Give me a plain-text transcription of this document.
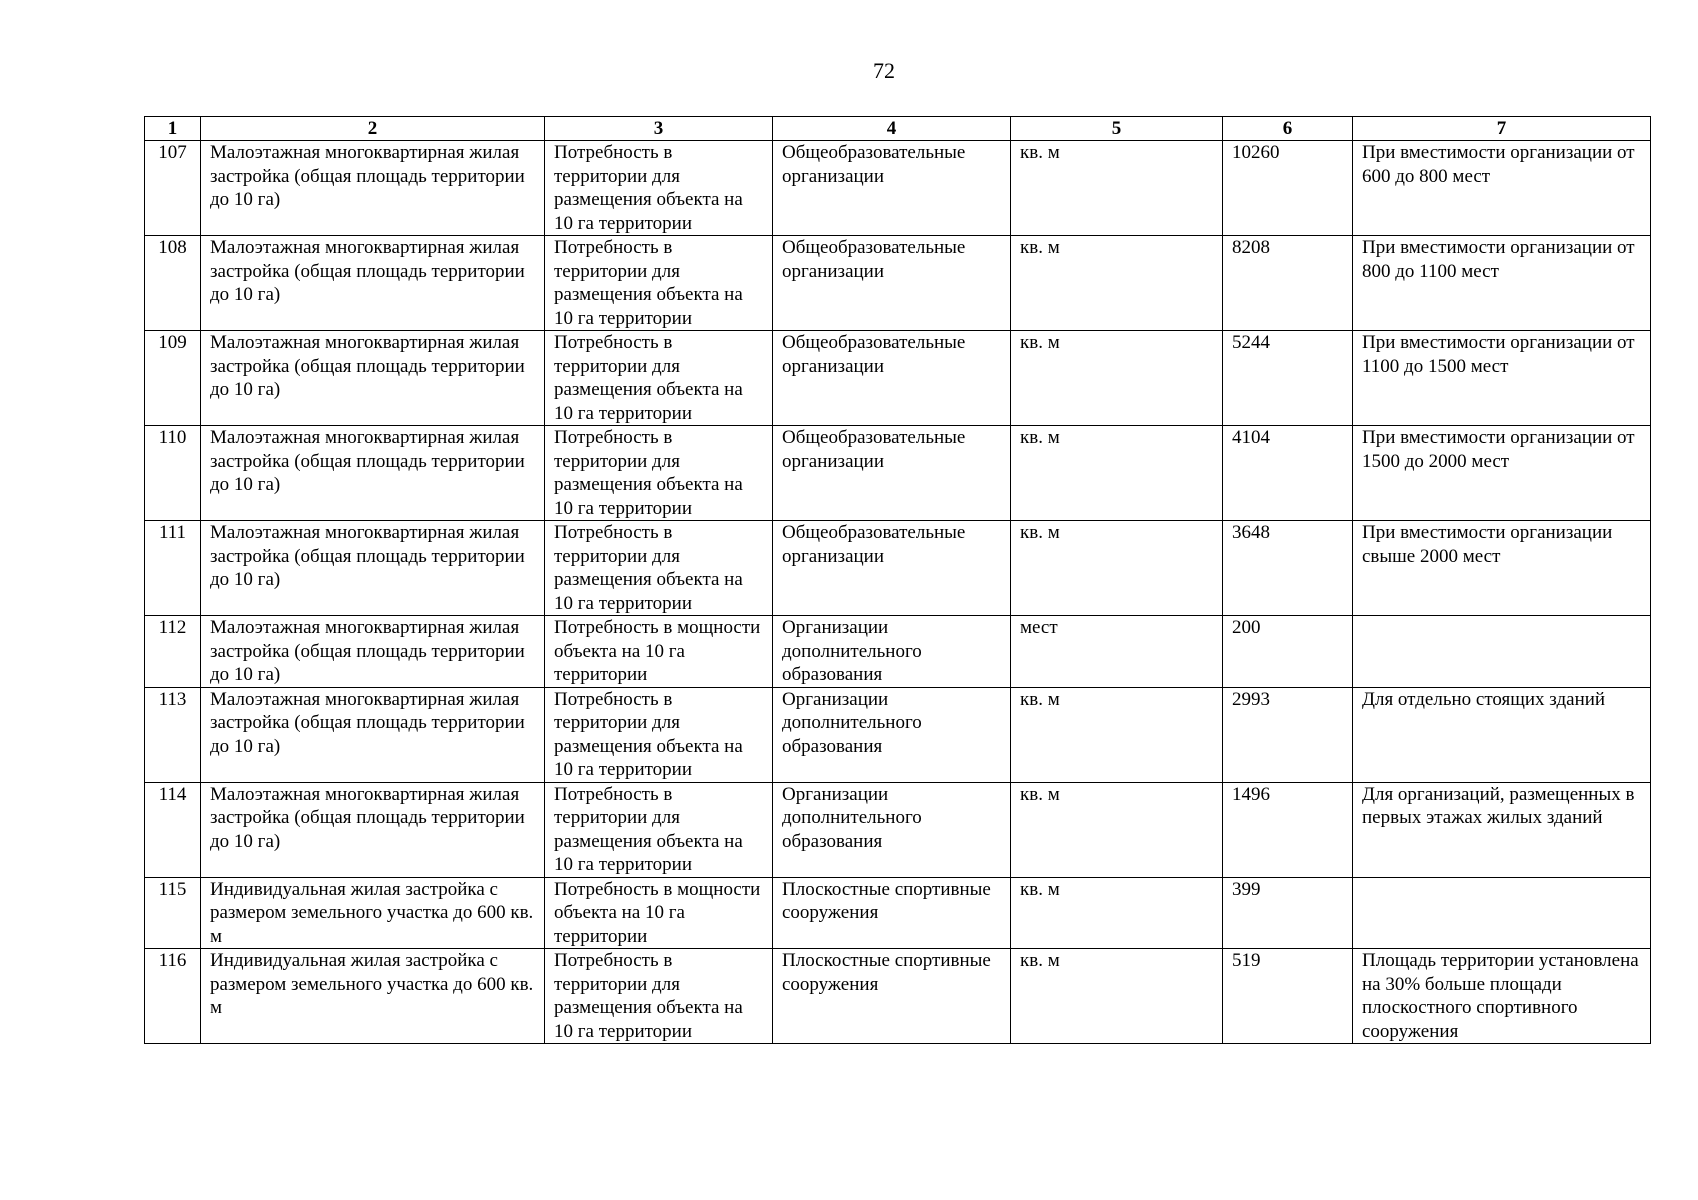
72
1	2	3	4	5	6	7
107	Малоэтажная многоквартирная жилая застройка (общая площадь территории до 10 га)	Потребность в территории для размещения объекта на 10 га территории	Общеобразовательные организации	кв. м	10260	При вместимости организации от 600 до 800 мест
108	Малоэтажная многоквартирная жилая застройка (общая площадь территории до 10 га)	Потребность в территории для размещения объекта на 10 га территории	Общеобразовательные организации	кв. м	8208	При вместимости организации от 800 до 1100 мест
109	Малоэтажная многоквартирная жилая застройка (общая площадь территории до 10 га)	Потребность в территории для размещения объекта на 10 га территории	Общеобразовательные организации	кв. м	5244	При вместимости организации от 1100 до 1500 мест
110	Малоэтажная многоквартирная жилая застройка (общая площадь территории до 10 га)	Потребность в территории для размещения объекта на 10 га территории	Общеобразовательные организации	кв. м	4104	При вместимости организации от 1500 до 2000 мест
111	Малоэтажная многоквартирная жилая застройка (общая площадь территории до 10 га)	Потребность в территории для размещения объекта на 10 га территории	Общеобразовательные организации	кв. м	3648	При вместимости организации свыше 2000 мест
112	Малоэтажная многоквартирная жилая застройка (общая площадь территории до 10 га)	Потребность в мощности объекта на 10 га территории	Организации дополнительного образования	мест	200	
113	Малоэтажная многоквартирная жилая застройка (общая площадь территории до 10 га)	Потребность в территории для размещения объекта на 10 га территории	Организации дополнительного образования	кв. м	2993	Для отдельно стоящих зданий
114	Малоэтажная многоквартирная жилая застройка (общая площадь территории до 10 га)	Потребность в территории для размещения объекта на 10 га территории	Организации дополнительного образования	кв. м	1496	Для организаций, размещенных в первых этажах жилых зданий
115	Индивидуальная жилая застройка с размером земельного участка до 600 кв. м	Потребность в мощности объекта на 10 га территории	Плоскостные спортивные сооружения	кв. м	399	
116	Индивидуальная жилая застройка с размером земельного участка до 600 кв. м	Потребность в территории для размещения объекта на 10 га территории	Плоскостные спортивные сооружения	кв. м	519	Площадь территории установлена на 30% больше площади плоскостного спортивного сооружения
